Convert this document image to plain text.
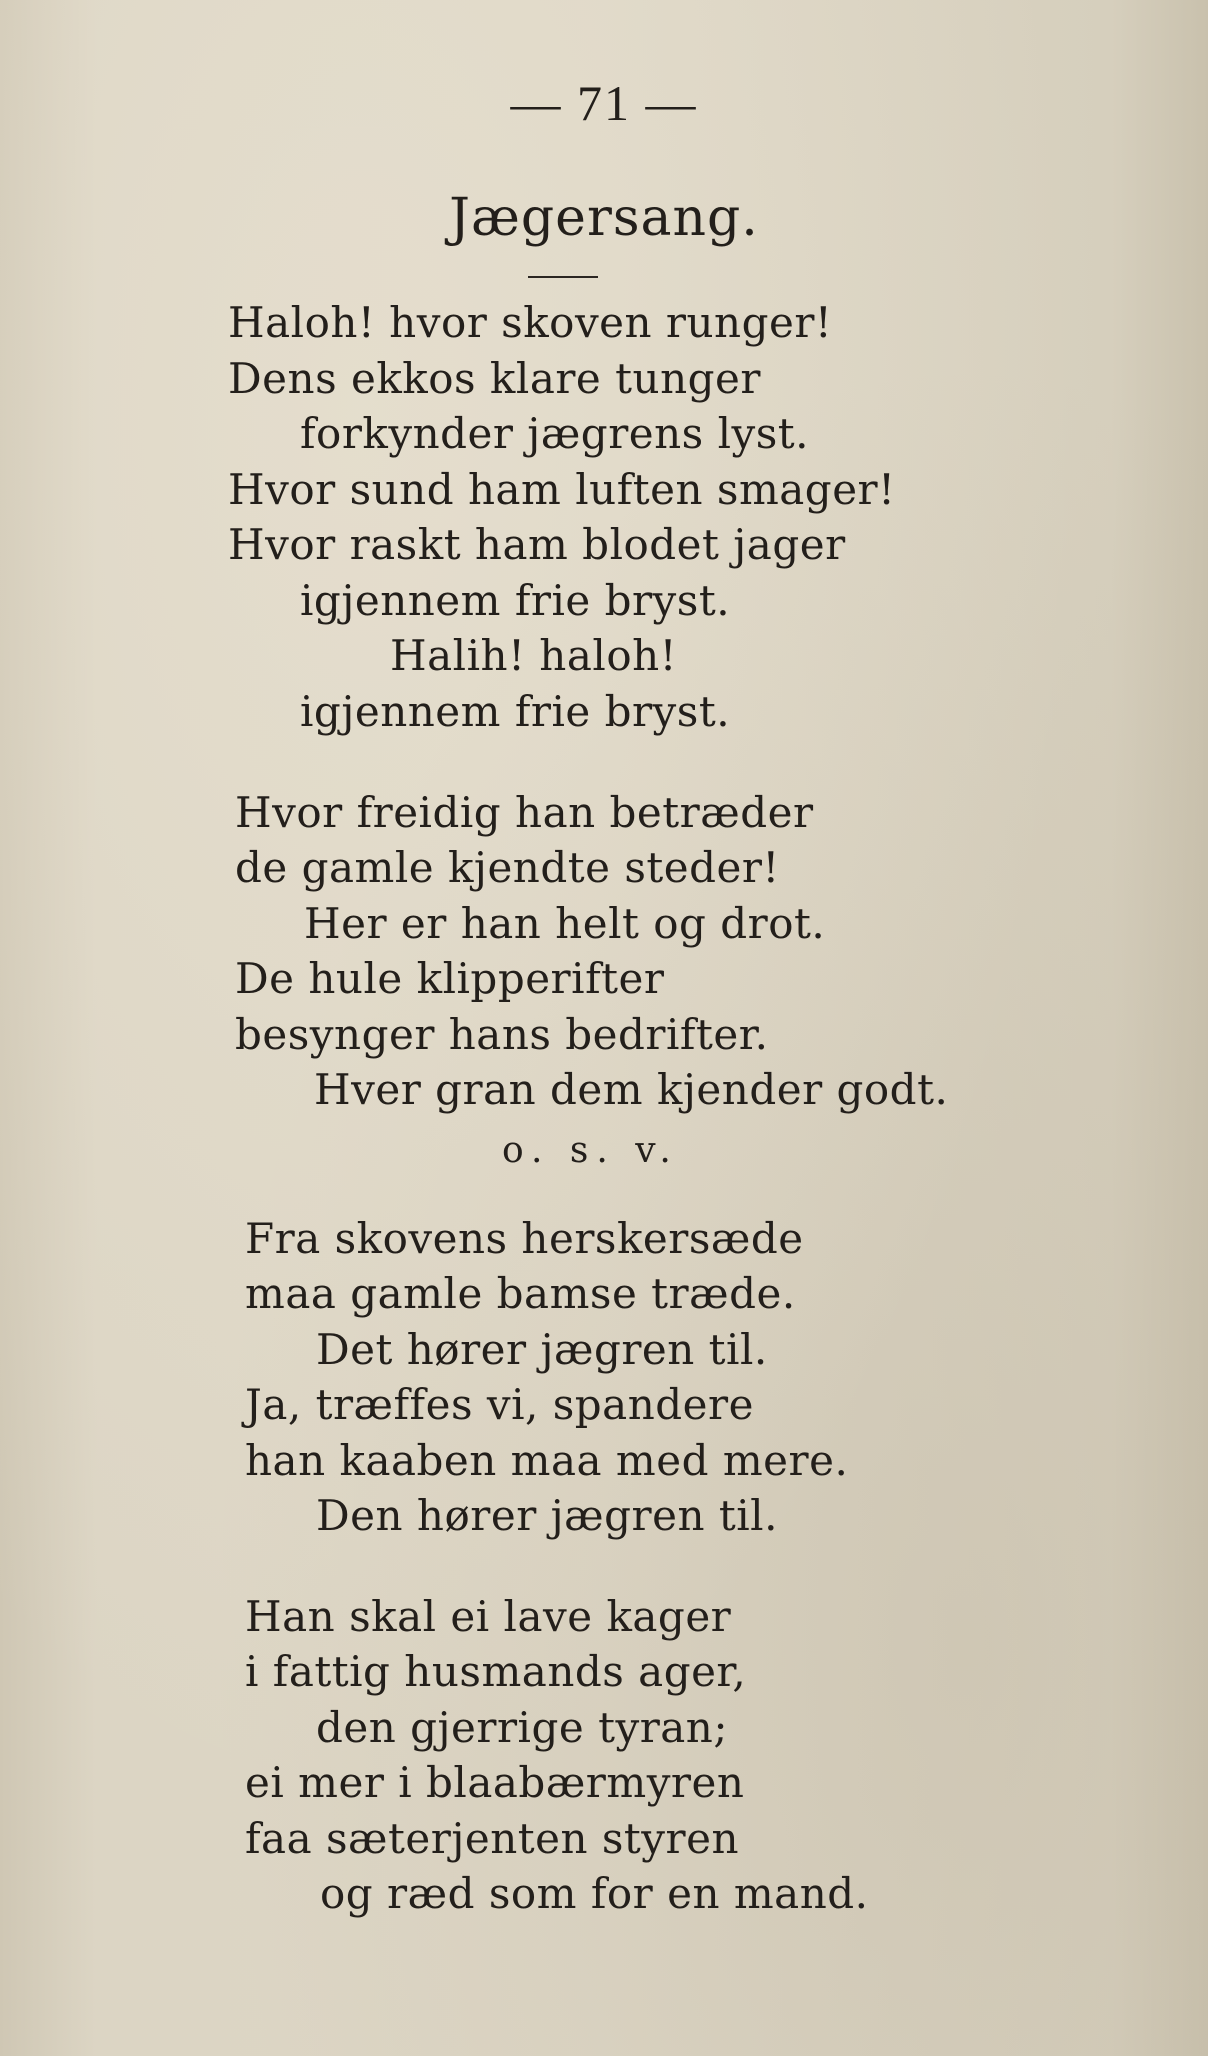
— 71 —
Jægersang.
Haloh! hvor skoven runger!
Dens ekkos klare tunger
forkynder jægrens lyst.
Hvor sund ham luften smager!
Hvor raskt ham blodet jager
igjennem frie bryst.
Halih! haloh!
igjennem frie bryst.
Hvor freidig han betræder
de gamle kjendte steder!
Her er han helt og drot.
De hule klipperifter
besynger hans bedrifter.
Hver gran dem kjender godt.
o. s. v.
Fra skovens herskersæde
maa gamle bamse træde.
Det hører jægren til.
Ja, træffes vi, spandere
han kaaben maa med mere.
Den hører jægren til.
Han skal ei lave kager
i fattig husmands ager,
den gjerrige tyran;
ei mer i blaabærmyren
faa sæterjenten styren
og ræd som for en mand.
